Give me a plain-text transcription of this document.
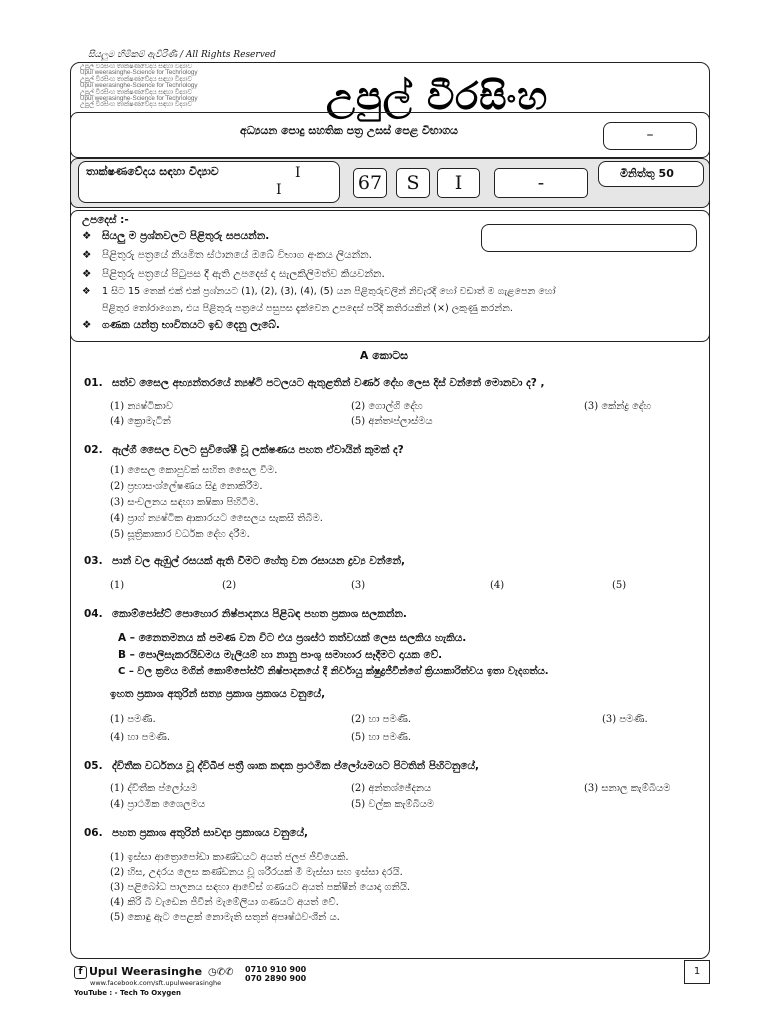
සියලුම හිමිකම් ඇවිරිණි / All Rights Reserved
උපුල් වීරසිංහ තාක්ෂණවේදය සඳහා විද්‍යාව
Upul weerasinghe-Science for Technology
උපුල් වීරසිංහ තාක්ෂණවේදය සඳහා විද්‍යාව
Upul weerasinghe-Science for Technology
උපුල් වීරසිංහ තාක්ෂණවේදය සඳහා විද්‍යාව
Upul weerasinghe-Science for Technology
උපුල් වීරසිංහ තාක්ෂණවේදය සඳහා විද්‍යාව	උපුල් වීරසිංහ
අධ්‍යයන පොදු සහතික පත්‍ර උසස් පෙළ විභාගය	–
තාක්ෂණවේදය සඳහා විද්‍යාව	I
I	67	S	I	-	මිනිත්තු 50
උපදෙස් :-
❖ සියලු ම ප්‍රශ්නවලට පිළිතුරු සපයන්න.
❖ පිළිතුරු පත්‍රයේ නියමිත ස්ථානයේ ඔබේ විභාග අංකය ලියන්න.
❖ පිළිතුරු පත්‍රයේ පිටුපස දී ඇති උපදෙස් ද සැලකිලිමත්ව කියවන්න.
❖ 1 සිට 15 තෙක් එක් එක් ප්‍රශ්නයට (1), (2), (3), (4), (5) යන පිළිතුරුවලින් නිවැරදි හෝ වඩාත් ම ගැළපෙන හෝ
පිළිතුර තෝරාගෙන, එය පිළිතුරු පත්‍රයේ පසුපස දැක්වෙන උපදෙස් පරිදි කතිරයකින් (×) ලකුණු කරන්න.
❖ ගණක යන්ත්‍ර භාවිතයට ඉඩ දෙනු ලැබේ.
A කොටස
01. සත්ව සෛල අභ්‍යන්තරයේ න්‍යෂ්ටි පටලයට ඇතුළතින් වර්ණ දේහ ලෙස දිස් වන්නේ මොනවා ද? ,
(1) න්‍යෂ්ටිකාව	(2) ගොල්ගි දේහ	(3) කේන්ද්‍ර දේහ
(4) ක්‍රොමැටින්	(5) අන්තඃප්ලාස්මය
02. ඇල්ගී සෛල වලට සුවිශේෂී වූ ලක්ෂණය පහත ඒවායින් කුමක් ද?
(1) සෛල කොපුවක් සහිත සෛල වීම.
(2) ප්‍රභාසංශ්ලේෂණය සිදු නොකිරීම.
(3) සංචලනය සඳහා කෂිකා පිහිටීම.
(4) ප්‍රාග් න්‍යෂ්ටික ආකාරයට සෛලය සැකසී තිබීම.
(5) සූත්‍රිකාකාර වර්ධක දේහ දරීම.
03. පාන් වල ඇඹුල් රසයක් ඇති වීමට හේතු වන රසායන ද්‍රව්‍ය වන්නේ,
(1)	(2)	(3)	(4)	(5)
04. කොම්පෝස්ට් පොහොර නිෂ්පාදනය පිළිබඳ පහත ප්‍රකාශ සලකන්න.
A – නෛතමනය ක් පමණ වන විට එය ප්‍රශස්ථ තත්වයක් ලෙස සලකිය හැකිය.
B – පොලිසැකරයිඩමය මැලියම් හා නානු පාංශු සමාහාර සෑදීමට දායක වේ.
C – වල ක්‍රමය මගින් කොම්පෝස්ට් නිෂ්පාදනයේ දී නිර්වායු ක්ෂුද්‍රජීවීන්ගේ ක්‍රියාකාරිත්වය ඉතා වැදගත්ය.
ඉහත ප්‍රකාශ අතුරින් සත්‍ය ප්‍රකාශ ප්‍රකශය වනුයේ,
(1) පමණි.	(2) හා පමණි.	(3) පමණි.
(4) හා පමණි.	(5) හා පමණි.
05. ද්විතීක වර්ධනය වූ ද්විබීජ පත්‍රී ශාක කඳක ප්‍රාථමික ප්ලෝයමයට පිටතින් පිහිටනුයේ,
(1) ද්විතීක ප්ලෝයම	(2) අන්තශ්ඡේදනය	(3) සනාල කැම්බියම
(4) ප්‍රාථමික ශෛලමය	(5) වල්ක කැම්බියම
06. පහත ප්‍රකාශ අතුරින් සාවද්‍ය ප්‍රකාශය වනුයේ,
(1) ඉස්සා ආත්‍රොපෝඩා කාණ්ඩයට අයත් ජලජ ජීවියෙකි.
(2) හිස, උදරය ලෙස කණ්ඩනය වූ ශරීරයක් මී මැස්සා සහ ඉස්සා දරයි.
(3) පළිබෝධ පාලනය සඳහා ආවේස් ගණයට අයත් පක්ෂීන් යොදා ගනියි.
(4) කිරි බී වැඩෙන ජීවීන් මැමේලියා ගණයට අයත් වේ.
(5) කොඳු ඇට පෙළක් නොමැති සතුන් අපෘෂ්ඨවංශීන් ය.
f Upul Weerasinghe
www.facebook.com/sft.upulweerasinghe
YouTube : - Tech To Oxygen
◷✆✆ 0710 910 900
070 2890 900
1
